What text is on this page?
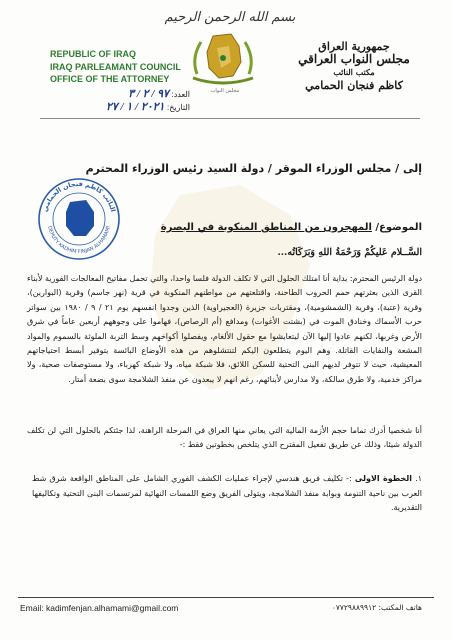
بسم الله الرحمن الرحيم
REPUBLIC OF IRAQ
IRAQ PARLEAMANT COUNCIL
OFFICE OF THE ATTORNEY
العدد: ٩٧ / ٢ / ٣
التاريخ: ٢٠٢١ / ١ / ٢٧
مجلس النواب
جمهورية العراق
مجلس النواب العراقي
مكتب النائب
كاظم فنجان الحمامي
إلى / مجلس الوزراء الموقر / دولة السيد رئيس الوزراء المحترم
النائب كاظم فنجان الحمامي
DEPUTY KADHIM FINJAN ALHAMAMI	الموضوع/ المهجرون من المناطق المنكوبة في البصرة
السَّــلام عَليكُمْ وَرَحْمَةُ اللهِ وَبَرَكَاتُه...
دولة الرئيس المحترم: بداية أنا امتلك الحلول التي لا تكلف الدولة فلسا واحدا، والتي تحمل مفاتيح المعالجات الفورية لأبناء القرى الذين بعثرتهم حمم الحروب الطاحنة، واقتلعتهم من مواطنهم المنكوبة في قرية (نهر جاسم) وقرية (البوارين)، وقرية (عتبة)، وقرية (الشمشومية)، ومقتربات جزيرة (العجيراوية) الذين وجدوا انفسهم يوم ٢١ / ٩ / ١٩٨٠ بين سواتر حرب الأسماك وخنادق الموت في (بشتت الأغوات) ومدافع (أم الرصاص)، فهاموا على وجوههم أربعين عاماً في شرق الأرض وغربها، لكنهم عادوا إليها الآن ليتعايشوا مع حقول الألغام، ويفصلوا أكواخهم وسط التربة الملوثة بالسموم والمواد المشعة والنفايات القاتلة. وهم اليوم يتطلعون اليكم لتنتشلوهم من هذه الأوضاع البائسة بتوفير أبسط احتياجاتهم المعيشية، حيث لا تتوفر لديهم البنى التحتية للسكن اللائق، فلا شبكة مياه، ولا شبكة كهرباء، ولا مستوصفات صحية، ولا مراكز خدمية، ولا طرق سالكة، ولا مدارس لأبنائهم، رغم انهم لا يبعدون عن منفذ الشلامجة سوى بضعة أمتار.
أنا شخصيا أدرك تماما حجم الأزمة المالية التي يعاني منها العراق في المرحلة الراهنة، لذا جئتكم بالحلول التي لن تكلف الدولة شيئا، وذلك عن طريق تفعيل المقترح الذي يتلخص بخطوتين فقط :-
١. الخطوة الاولى :- تكليف فريق هندسي لإجراء عمليات الكشف الفوري الشامل على المناطق الواقعة شرق شط العرب بين ناحية التنومة وبوابة منفذ الشلامجة، ويتولى الفريق وضع اللمسات النهائية لمرتسمات البنى التحتية وتكاليفها التقديرية.
Email: kadimfenjan.alhamami@gmail.com	هاتف المكتب: ٠٧٧٢٩٨٨٩٩١٢
